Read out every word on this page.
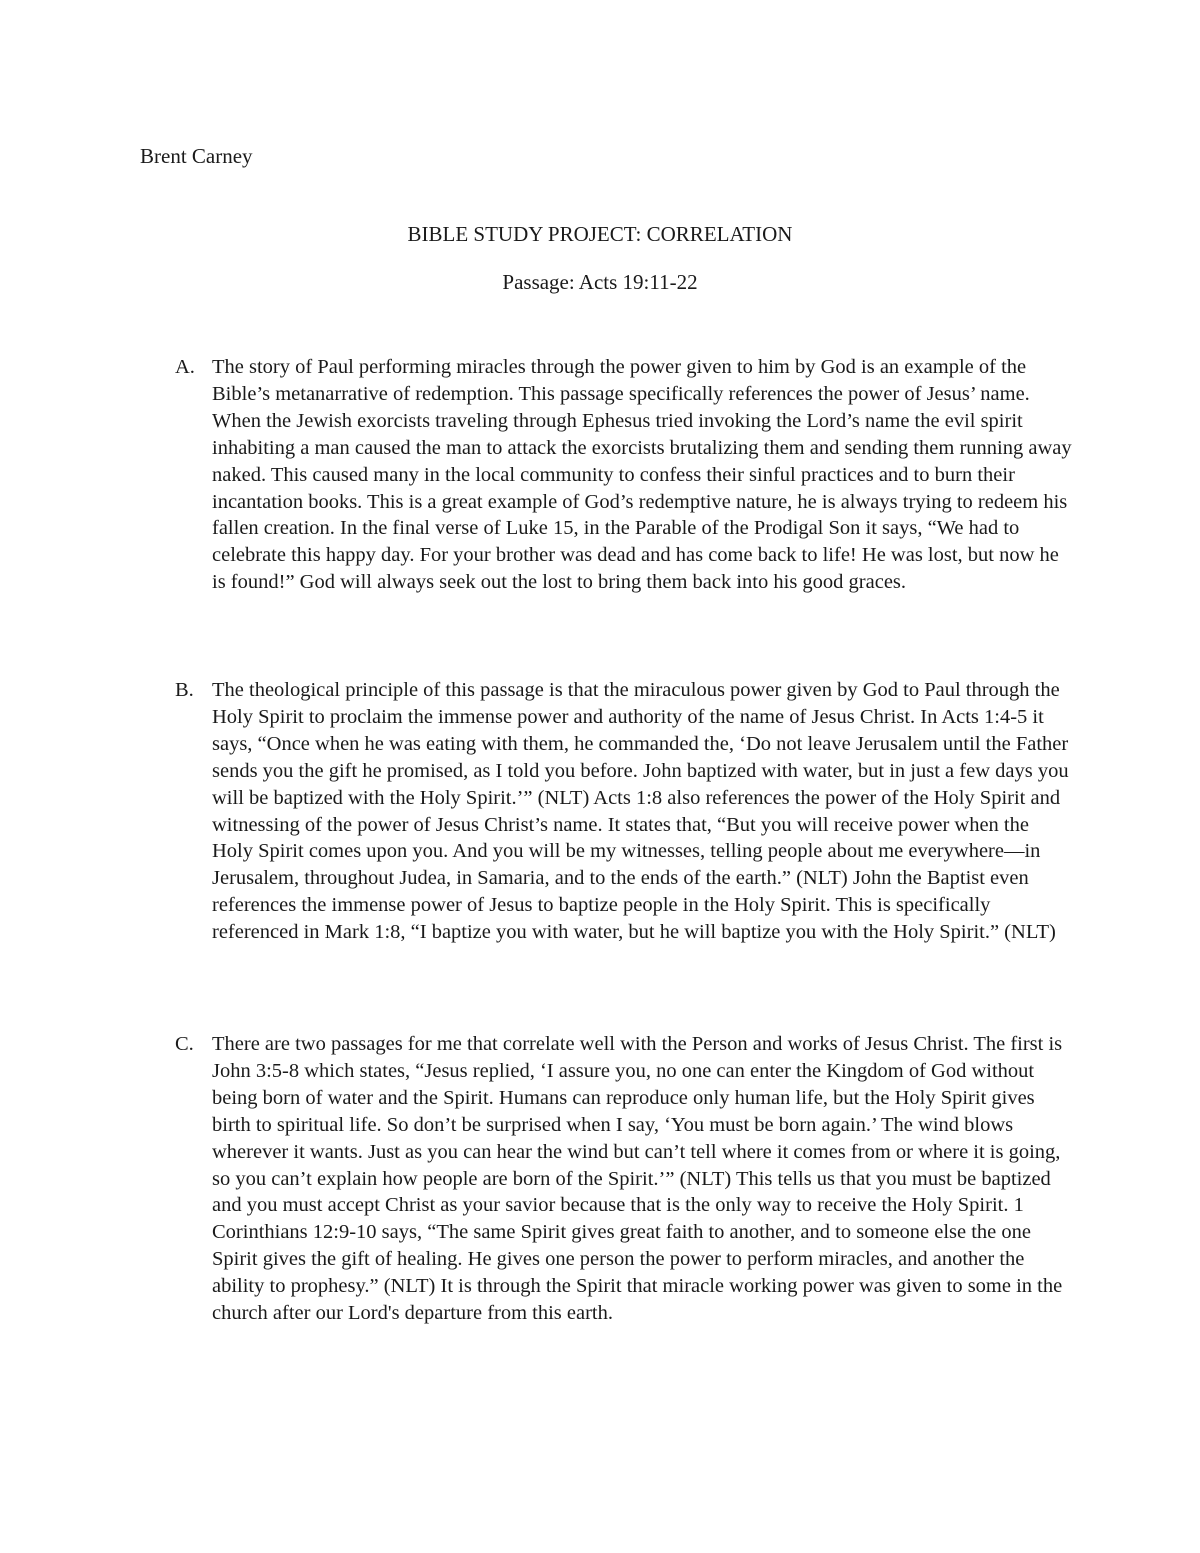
Brent Carney
BIBLE STUDY PROJECT: CORRELATION
Passage: Acts 19:11-22
A. The story of Paul performing miracles through the power given to him by God is an example of the Bible’s metanarrative of redemption. This passage specifically references the power of Jesus’ name. When the Jewish exorcists traveling through Ephesus tried invoking the Lord’s name the evil spirit inhabiting a man caused the man to attack the exorcists brutalizing them and sending them running away naked. This caused many in the local community to confess their sinful practices and to burn their incantation books. This is a great example of God’s redemptive nature, he is always trying to redeem his fallen creation. In the final verse of Luke 15, in the Parable of the Prodigal Son it says, “We had to celebrate this happy day. For your brother was dead and has come back to life! He was lost, but now he is found!” God will always seek out the lost to bring them back into his good graces.
B. The theological principle of this passage is that the miraculous power given by God to Paul through the Holy Spirit to proclaim the immense power and authority of the name of Jesus Christ. In Acts 1:4-5 it says, “Once when he was eating with them, he commanded the, ‘Do not leave Jerusalem until the Father sends you the gift he promised, as I told you before. John baptized with water, but in just a few days you will be baptized with the Holy Spirit.’” (NLT) Acts 1:8 also references the power of the Holy Spirit and witnessing of the power of Jesus Christ’s name. It states that, “But you will receive power when the Holy Spirit comes upon you. And you will be my witnesses, telling people about me everywhere—in Jerusalem, throughout Judea, in Samaria, and to the ends of the earth.” (NLT) John the Baptist even references the immense power of Jesus to baptize people in the Holy Spirit. This is specifically referenced in Mark 1:8, “I baptize you with water, but he will baptize you with the Holy Spirit.” (NLT)
C. There are two passages for me that correlate well with the Person and works of Jesus Christ. The first is John 3:5-8 which states, “Jesus replied, ‘I assure you, no one can enter the Kingdom of God without being born of water and the Spirit. Humans can reproduce only human life, but the Holy Spirit gives birth to spiritual life. So don’t be surprised when I say, ‘You must be born again.’ The wind blows wherever it wants. Just as you can hear the wind but can’t tell where it comes from or where it is going, so you can’t explain how people are born of the Spirit.’” (NLT) This tells us that you must be baptized and you must accept Christ as your savior because that is the only way to receive the Holy Spirit. 1 Corinthians 12:9-10 says, “The same Spirit gives great faith to another, and to someone else the one Spirit gives the gift of healing. He gives one person the power to perform miracles, and another the ability to prophesy.” (NLT) It is through the Spirit that miracle working power was given to some in the church after our Lord's departure from this earth.
